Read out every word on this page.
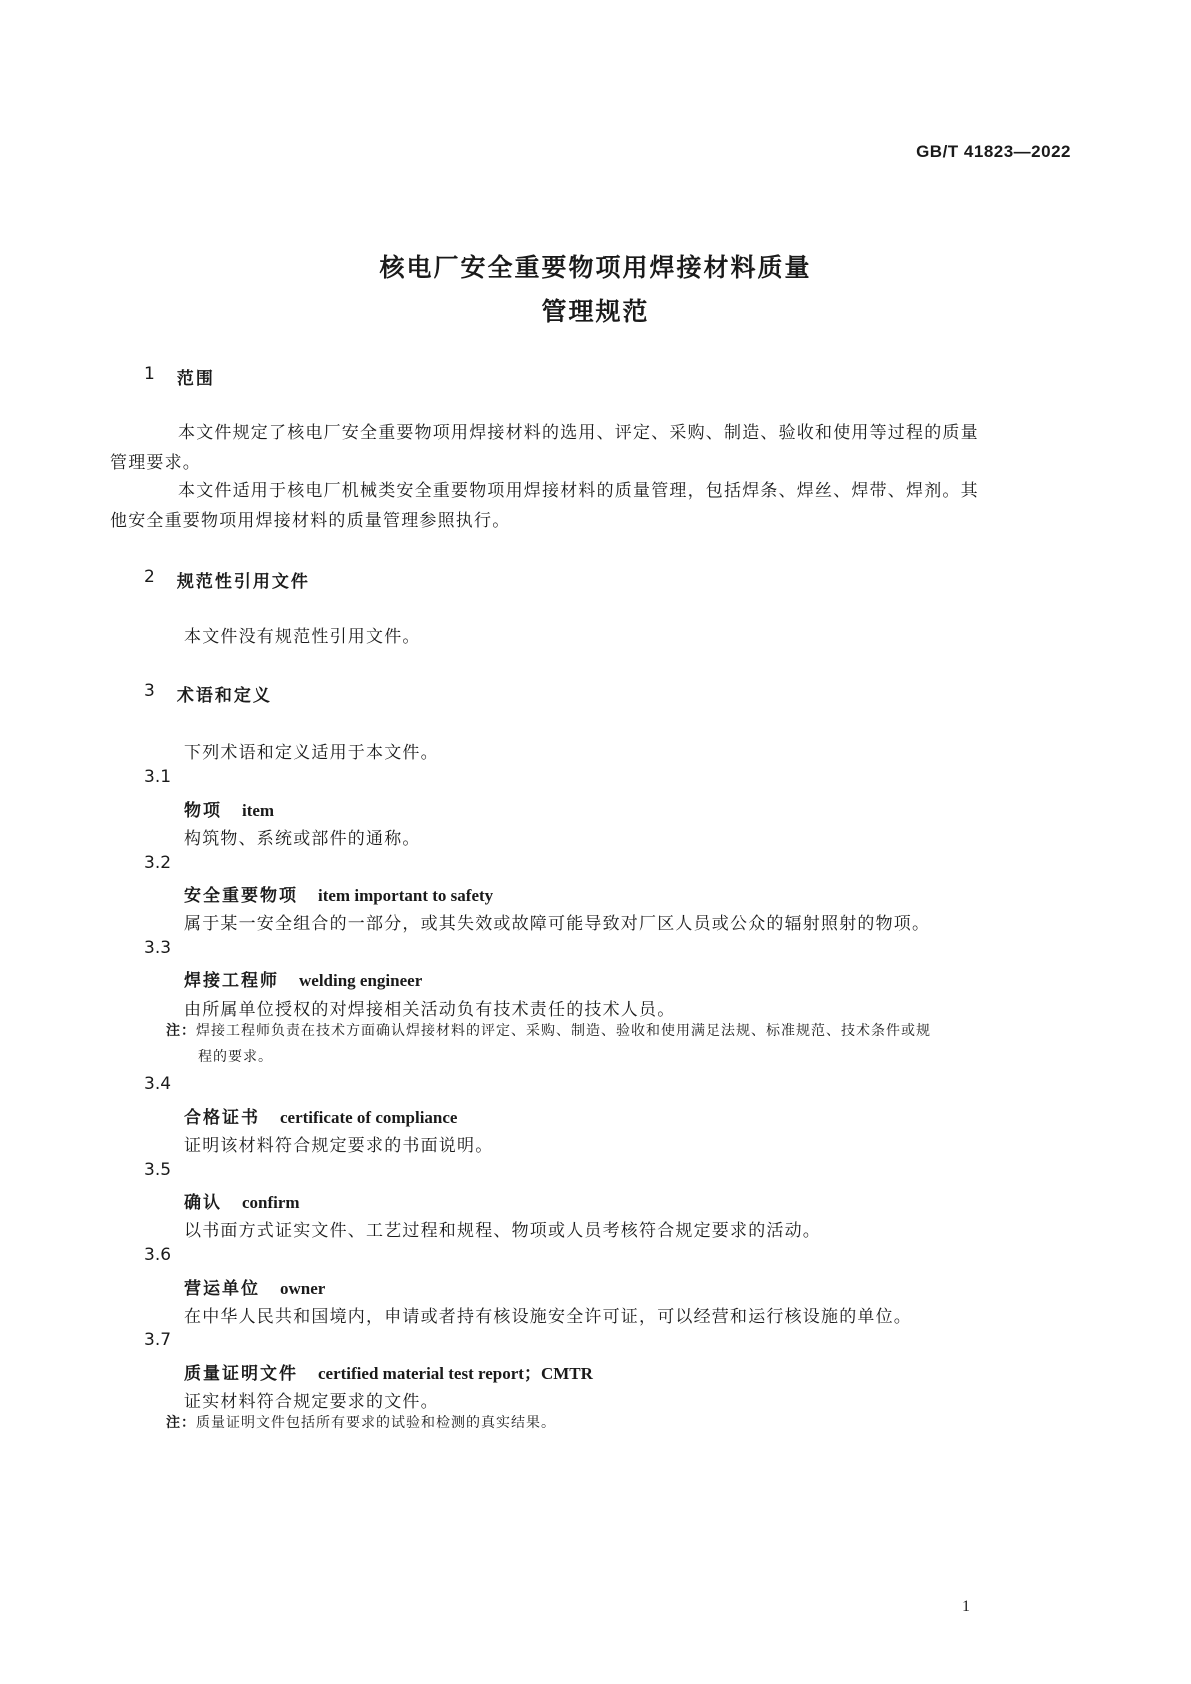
GB/T 41823—2022
核电厂安全重要物项用焊接材料质量
管理规范
1 范围
本文件规定了核电厂安全重要物项用焊接材料的选用、评定、采购、制造、验收和使用等过程的质量
管理要求。
本文件适用于核电厂机械类安全重要物项用焊接材料的质量管理，包括焊条、焊丝、焊带、焊剂。其
他安全重要物项用焊接材料的质量管理参照执行。
2 规范性引用文件
本文件没有规范性引用文件。
3 术语和定义
下列术语和定义适用于本文件。
3.1
物项 item
构筑物、系统或部件的通称。
3.2
安全重要物项 item important to safety
属于某一安全组合的一部分，或其失效或故障可能导致对厂区人员或公众的辐射照射的物项。
3.3
焊接工程师 welding engineer
由所属单位授权的对焊接相关活动负有技术责任的技术人员。
注：焊接工程师负责在技术方面确认焊接材料的评定、采购、制造、验收和使用满足法规、标准规范、技术条件或规
程的要求。
3.4
合格证书 certificate of compliance
证明该材料符合规定要求的书面说明。
3.5
确认 confirm
以书面方式证实文件、工艺过程和规程、物项或人员考核符合规定要求的活动。
3.6
营运单位 owner
在中华人民共和国境内，申请或者持有核设施安全许可证，可以经营和运行核设施的单位。
3.7
质量证明文件 certified material test report；CMTR
证实材料符合规定要求的文件。
注：质量证明文件包括所有要求的试验和检测的真实结果。
1
